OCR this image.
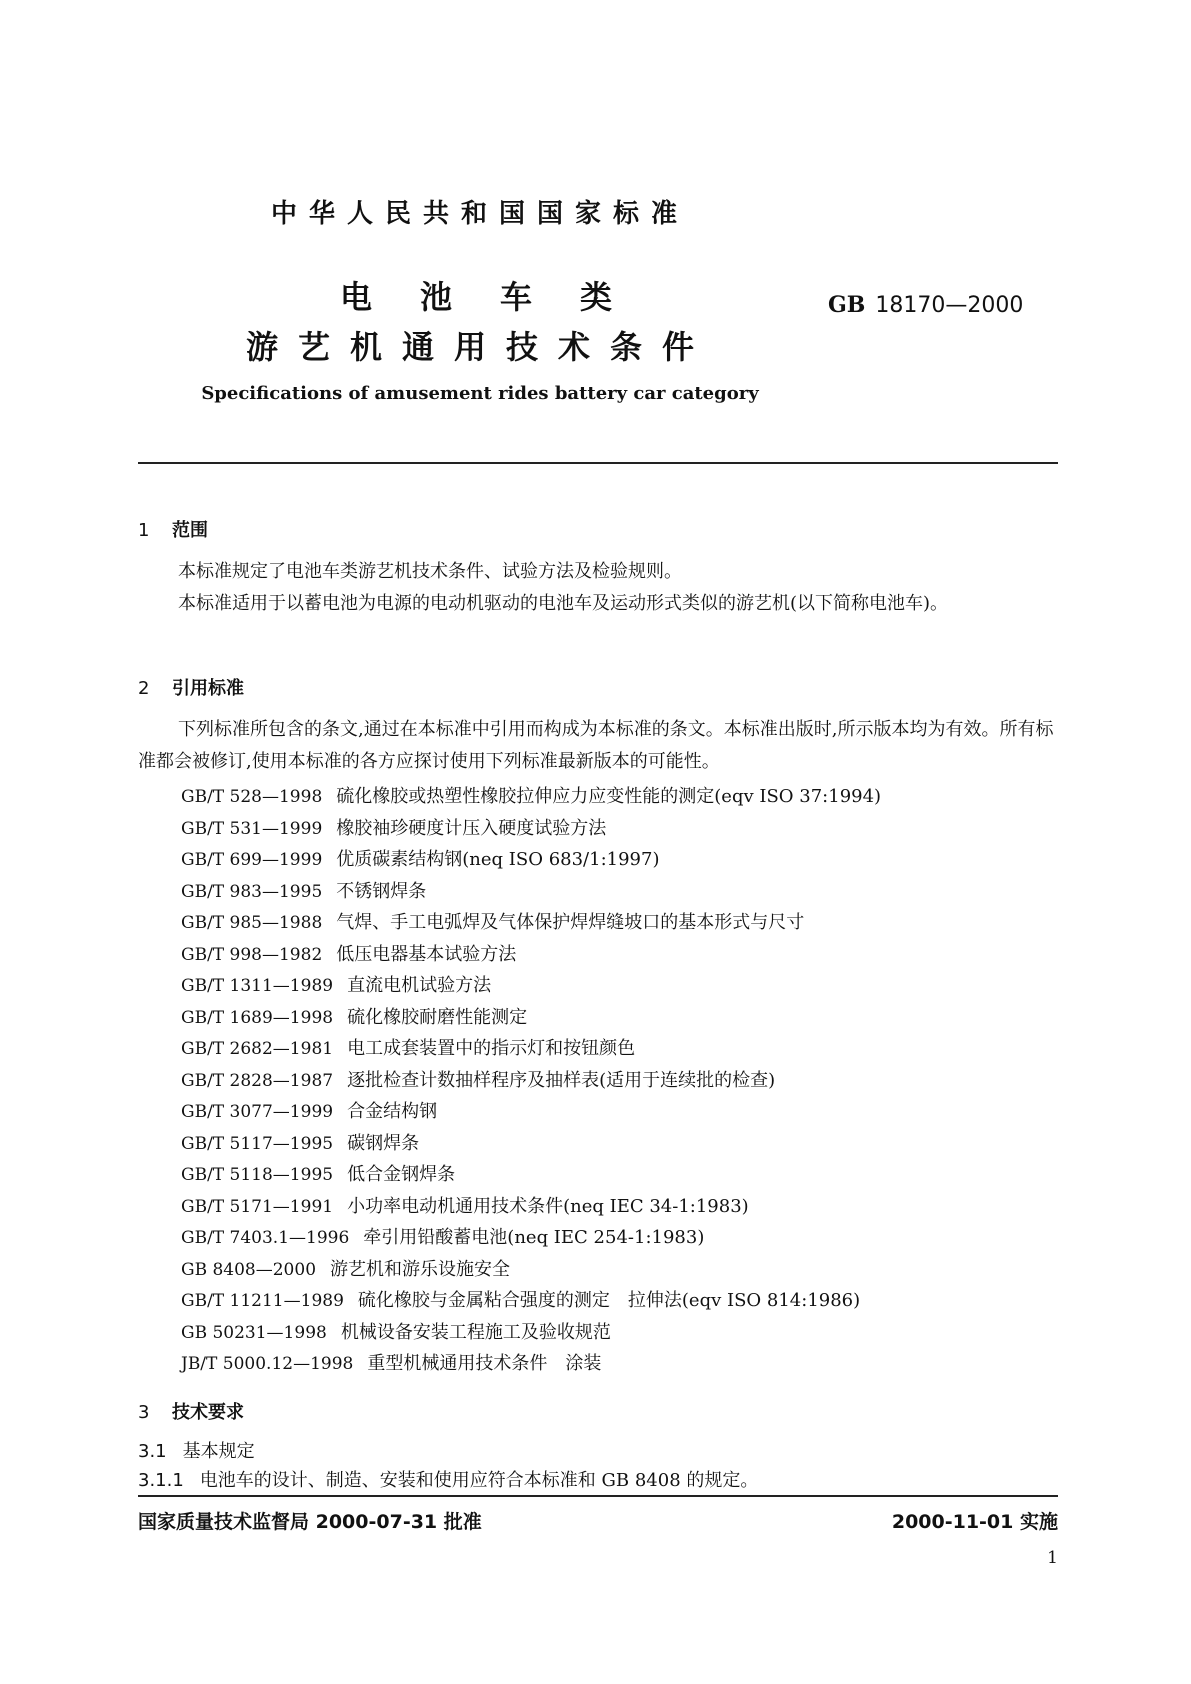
中华人民共和国国家标准
电池车类
游艺机通用技术条件
GB 18170—2000
Specifications of amusement rides battery car category
1 范围
本标准规定了电池车类游艺机技术条件、试验方法及检验规则。
本标准适用于以蓄电池为电源的电动机驱动的电池车及运动形式类似的游艺机(以下简称电池车)。
2 引用标准
下列标准所包含的条文,通过在本标准中引用而构成为本标准的条文。本标准出版时,所示版本均为有效。所有标准都会被修订,使用本标准的各方应探讨使用下列标准最新版本的可能性。
GB/T 528—1998 硫化橡胶或热塑性橡胶拉伸应力应变性能的测定(eqv ISO 37:1994)
GB/T 531—1999 橡胶袖珍硬度计压入硬度试验方法
GB/T 699—1999 优质碳素结构钢(neq ISO 683/1:1997)
GB/T 983—1995 不锈钢焊条
GB/T 985—1988 气焊、手工电弧焊及气体保护焊焊缝坡口的基本形式与尺寸
GB/T 998—1982 低压电器基本试验方法
GB/T 1311—1989 直流电机试验方法
GB/T 1689—1998 硫化橡胶耐磨性能测定
GB/T 2682—1981 电工成套装置中的指示灯和按钮颜色
GB/T 2828—1987 逐批检查计数抽样程序及抽样表(适用于连续批的检查)
GB/T 3077—1999 合金结构钢
GB/T 5117—1995 碳钢焊条
GB/T 5118—1995 低合金钢焊条
GB/T 5171—1991 小功率电动机通用技术条件(neq IEC 34-1:1983)
GB/T 7403.1—1996 牵引用铅酸蓄电池(neq IEC 254-1:1983)
GB 8408—2000 游艺机和游乐设施安全
GB/T 11211—1989 硫化橡胶与金属粘合强度的测定　拉伸法(eqv ISO 814:1986)
GB 50231—1998 机械设备安装工程施工及验收规范
JB/T 5000.12—1998 重型机械通用技术条件　涂装
3 技术要求
3.1 基本规定
3.1.1 电池车的设计、制造、安装和使用应符合本标准和 GB 8408 的规定。
国家质量技术监督局 2000-07-31 批准	2000-11-01 实施
1
